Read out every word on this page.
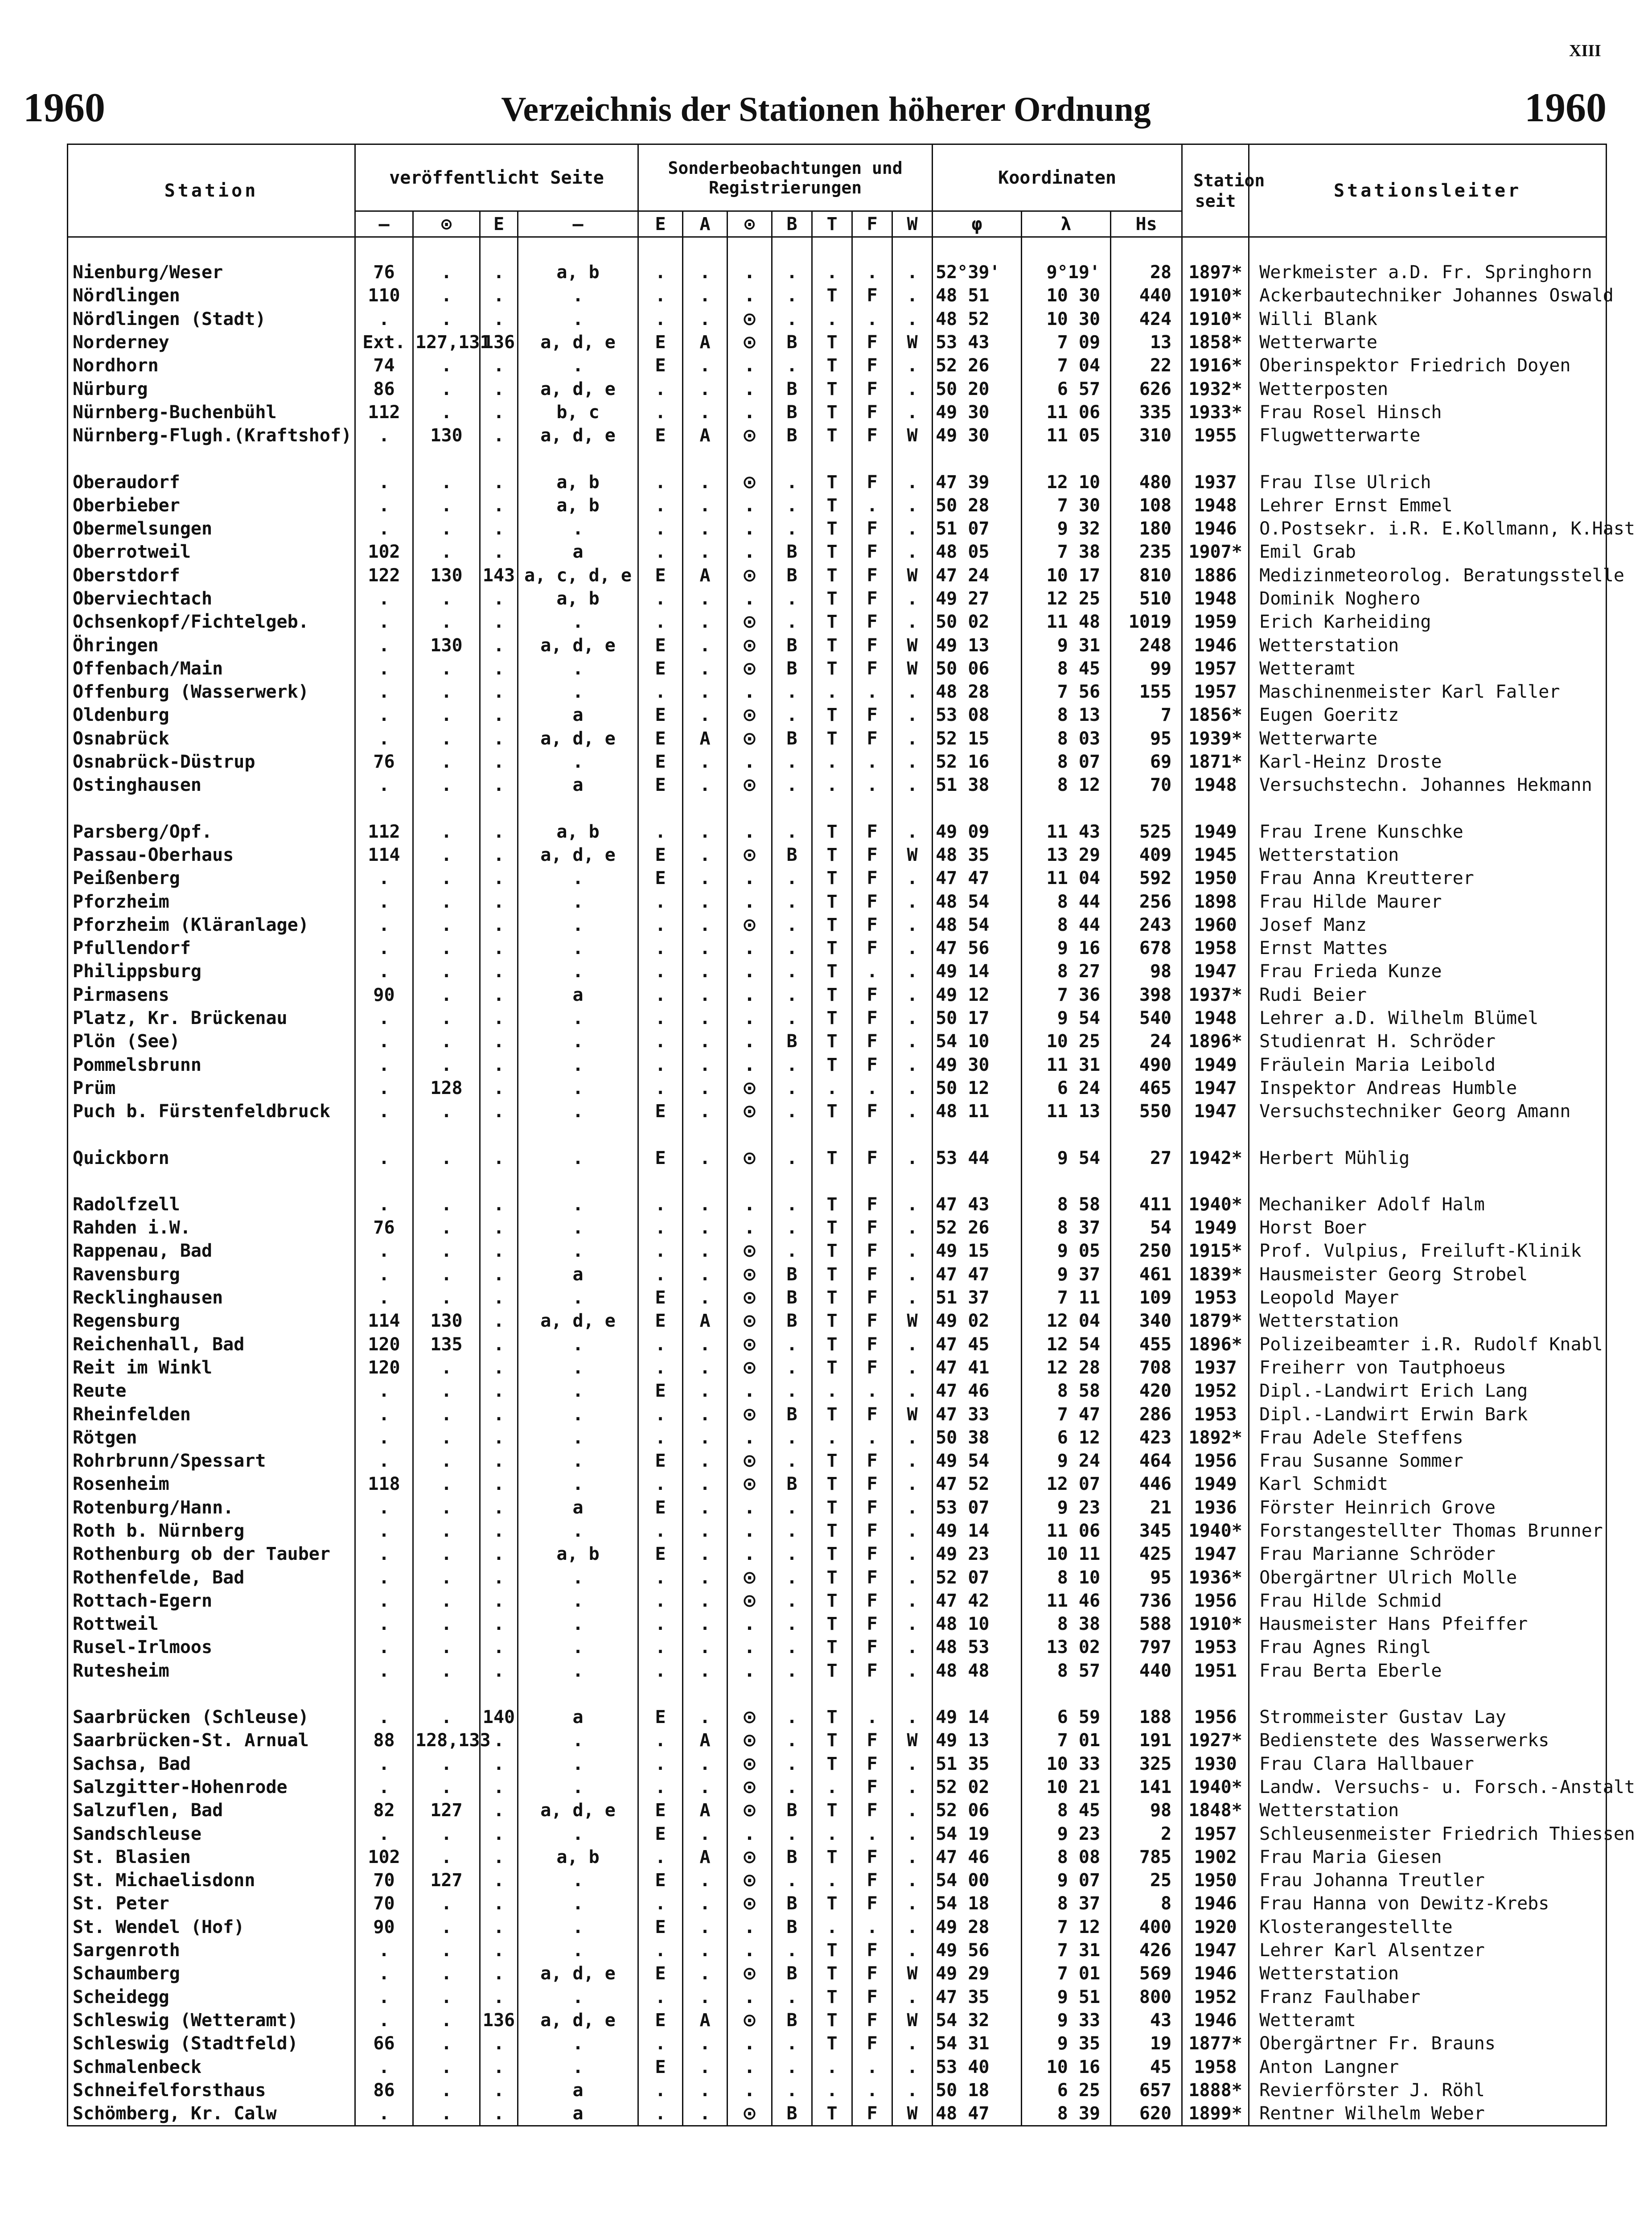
XIII
1960	Verzeichnis der Stationen höherer Ordnung	1960
Station	veröffentlicht Seite				Sonderbeobachtungen und Registrierungen							Koordinaten			Station seit	Stationsleiter
	—	⊙	E	—	E	A	⊙	B	T	F	W	φ	λ	Hs		

Nienburg/Weser	76	.	.	a, b	.	.	.	.	.	.	.	52°39'	9°19'	28	1897*	Werkmeister a.D. Fr. Springhorn
Nördlingen	110	.	.	.	.	.	.	.	T	F	.	48 51	10 30	440	1910*	Ackerbautechniker Johannes Oswald
Nördlingen (Stadt)	.	.	.	.	.	.	⊙	.	.	.	.	48 52	10 30	424	1910*	Willi Blank
Norderney	Ext.	127,131	136	a, d, e	E	A	⊙	B	T	F	W	53 43	7 09	13	1858*	Wetterwarte
Nordhorn	74	.	.	.	E	.	.	.	T	F	.	52 26	7 04	22	1916*	Oberinspektor Friedrich Doyen
Nürburg	86	.	.	a, d, e	.	.	.	B	T	F	.	50 20	6 57	626	1932*	Wetterposten
Nürnberg-Buchenbühl	112	.	.	b, c	.	.	.	B	T	F	.	49 30	11 06	335	1933*	Frau Rosel Hinsch
Nürnberg-Flugh.(Kraftshof)	.	130	.	a, d, e	E	A	⊙	B	T	F	W	49 30	11 05	310	1955	Flugwetterwarte

Oberaudorf	.	.	.	a, b	.	.	⊙	.	T	F	.	47 39	12 10	480	1937	Frau Ilse Ulrich
Oberbieber	.	.	.	a, b	.	.	.	.	T	.	.	50 28	7 30	108	1948	Lehrer Ernst Emmel
Obermelsungen	.	.	.	.	.	.	.	.	T	F	.	51 07	9 32	180	1946	O.Postsekr. i.R. E.Kollmann, K.Hast
Oberrotweil	102	.	.	a	.	.	.	B	T	F	.	48 05	7 38	235	1907*	Emil Grab
Oberstdorf	122	130	143	a, c, d, e	E	A	⊙	B	T	F	W	47 24	10 17	810	1886	Medizinmeteorolog. Beratungsstelle
Oberviechtach	.	.	.	a, b	.	.	.	.	T	F	.	49 27	12 25	510	1948	Dominik Noghero
Ochsenkopf/Fichtelgeb.	.	.	.	.	.	.	⊙	.	T	F	.	50 02	11 48	1019	1959	Erich Karheiding
Öhringen	.	130	.	a, d, e	E	.	⊙	B	T	F	W	49 13	9 31	248	1946	Wetterstation
Offenbach/Main	.	.	.	.	E	.	⊙	B	T	F	W	50 06	8 45	99	1957	Wetteramt
Offenburg (Wasserwerk)	.	.	.	.	.	.	.	.	.	.	.	48 28	7 56	155	1957	Maschinenmeister Karl Faller
Oldenburg	.	.	.	a	E	.	⊙	.	T	F	.	53 08	8 13	7	1856*	Eugen Goeritz
Osnabrück	.	.	.	a, d, e	E	A	⊙	B	T	F	.	52 15	8 03	95	1939*	Wetterwarte
Osnabrück-Düstrup	76	.	.	.	E	.	.	.	.	.	.	52 16	8 07	69	1871*	Karl-Heinz Droste
Ostinghausen	.	.	.	a	E	.	⊙	.	.	.	.	51 38	8 12	70	1948	Versuchstechn. Johannes Hekmann

Parsberg/Opf.	112	.	.	a, b	.	.	.	.	T	F	.	49 09	11 43	525	1949	Frau Irene Kunschke
Passau-Oberhaus	114	.	.	a, d, e	E	.	⊙	B	T	F	W	48 35	13 29	409	1945	Wetterstation
Peißenberg	.	.	.	.	E	.	.	.	T	F	.	47 47	11 04	592	1950	Frau Anna Kreutterer
Pforzheim	.	.	.	.	.	.	.	.	T	F	.	48 54	8 44	256	1898	Frau Hilde Maurer
Pforzheim (Kläranlage)	.	.	.	.	.	.	⊙	.	T	F	.	48 54	8 44	243	1960	Josef Manz
Pfullendorf	.	.	.	.	.	.	.	.	T	F	.	47 56	9 16	678	1958	Ernst Mattes
Philippsburg	.	.	.	.	.	.	.	.	T	.	.	49 14	8 27	98	1947	Frau Frieda Kunze
Pirmasens	90	.	.	a	.	.	.	.	T	F	.	49 12	7 36	398	1937*	Rudi Beier
Platz, Kr. Brückenau	.	.	.	.	.	.	.	.	T	F	.	50 17	9 54	540	1948	Lehrer a.D. Wilhelm Blümel
Plön (See)	.	.	.	.	.	.	.	B	T	F	.	54 10	10 25	24	1896*	Studienrat H. Schröder
Pommelsbrunn	.	.	.	.	.	.	.	.	T	F	.	49 30	11 31	490	1949	Fräulein Maria Leibold
Prüm	.	128	.	.	.	.	⊙	.	.	.	.	50 12	6 24	465	1947	Inspektor Andreas Humble
Puch b. Fürstenfeldbruck	.	.	.	.	E	.	⊙	.	T	F	.	48 11	11 13	550	1947	Versuchstechniker Georg Amann

Quickborn	.	.	.	.	E	.	⊙	.	T	F	.	53 44	9 54	27	1942*	Herbert Mühlig

Radolfzell	.	.	.	.	.	.	.	.	T	F	.	47 43	8 58	411	1940*	Mechaniker Adolf Halm
Rahden i.W.	76	.	.	.	.	.	.	.	T	F	.	52 26	8 37	54	1949	Horst Boer
Rappenau, Bad	.	.	.	.	.	.	⊙	.	T	F	.	49 15	9 05	250	1915*	Prof. Vulpius, Freiluft-Klinik
Ravensburg	.	.	.	a	.	.	⊙	B	T	F	.	47 47	9 37	461	1839*	Hausmeister Georg Strobel
Recklinghausen	.	.	.	.	E	.	⊙	B	T	F	.	51 37	7 11	109	1953	Leopold Mayer
Regensburg	114	130	.	a, d, e	E	A	⊙	B	T	F	W	49 02	12 04	340	1879*	Wetterstation
Reichenhall, Bad	120	135	.	.	.	.	⊙	.	T	F	.	47 45	12 54	455	1896*	Polizeibeamter i.R. Rudolf Knabl
Reit im Winkl	120	.	.	.	.	.	⊙	.	T	F	.	47 41	12 28	708	1937	Freiherr von Tautphoeus
Reute	.	.	.	.	E	.	.	.	.	.	.	47 46	8 58	420	1952	Dipl.-Landwirt Erich Lang
Rheinfelden	.	.	.	.	.	.	⊙	B	T	F	W	47 33	7 47	286	1953	Dipl.-Landwirt Erwin Bark
Rötgen	.	.	.	.	.	.	.	.	.	.	.	50 38	6 12	423	1892*	Frau Adele Steffens
Rohrbrunn/Spessart	.	.	.	.	E	.	⊙	.	T	F	.	49 54	9 24	464	1956	Frau Susanne Sommer
Rosenheim	118	.	.	.	.	.	⊙	B	T	F	.	47 52	12 07	446	1949	Karl Schmidt
Rotenburg/Hann.	.	.	.	a	E	.	.	.	T	F	.	53 07	9 23	21	1936	Förster Heinrich Grove
Roth b. Nürnberg	.	.	.	.	.	.	.	.	T	F	.	49 14	11 06	345	1940*	Forstangestellter Thomas Brunner
Rothenburg ob der Tauber	.	.	.	a, b	E	.	.	.	T	F	.	49 23	10 11	425	1947	Frau Marianne Schröder
Rothenfelde, Bad	.	.	.	.	.	.	⊙	.	T	F	.	52 07	8 10	95	1936*	Obergärtner Ulrich Molle
Rottach-Egern	.	.	.	.	.	.	⊙	.	T	F	.	47 42	11 46	736	1956	Frau Hilde Schmid
Rottweil	.	.	.	.	.	.	.	.	T	F	.	48 10	8 38	588	1910*	Hausmeister Hans Pfeiffer
Rusel-Irlmoos	.	.	.	.	.	.	.	.	T	F	.	48 53	13 02	797	1953	Frau Agnes Ringl
Rutesheim	.	.	.	.	.	.	.	.	T	F	.	48 48	8 57	440	1951	Frau Berta Eberle

Saarbrücken (Schleuse)	.	.	140	a	E	.	⊙	.	T	.	.	49 14	6 59	188	1956	Strommeister Gustav Lay
Saarbrücken-St. Arnual	88	128,133	.	.	.	A	⊙	.	T	F	W	49 13	7 01	191	1927*	Bedienstete des Wasserwerks
Sachsa, Bad	.	.	.	.	.	.	⊙	.	T	F	.	51 35	10 33	325	1930	Frau Clara Hallbauer
Salzgitter-Hohenrode	.	.	.	.	.	.	⊙	.	.	F	.	52 02	10 21	141	1940*	Landw. Versuchs- u. Forsch.-Anstalt
Salzuflen, Bad	82	127	.	a, d, e	E	A	⊙	B	T	F	.	52 06	8 45	98	1848*	Wetterstation
Sandschleuse	.	.	.	.	E	.	.	.	.	.	.	54 19	9 23	2	1957	Schleusenmeister Friedrich Thiessen
St. Blasien	102	.	.	a, b	.	A	⊙	B	T	F	.	47 46	8 08	785	1902	Frau Maria Giesen
St. Michaelisdonn	70	127	.	.	E	.	⊙	.	.	F	.	54 00	9 07	25	1950	Frau Johanna Treutler
St. Peter	70	.	.	.	.	.	⊙	B	T	F	.	54 18	8 37	8	1946	Frau Hanna von Dewitz-Krebs
St. Wendel (Hof)	90	.	.	.	E	.	.	B	.	.	.	49 28	7 12	400	1920	Klosterangestellte
Sargenroth	.	.	.	.	.	.	.	.	T	F	.	49 56	7 31	426	1947	Lehrer Karl Alsentzer
Schaumberg	.	.	.	a, d, e	E	.	⊙	B	T	F	W	49 29	7 01	569	1946	Wetterstation
Scheidegg	.	.	.	.	.	.	.	.	T	F	.	47 35	9 51	800	1952	Franz Faulhaber
Schleswig (Wetteramt)	.	.	136	a, d, e	E	A	⊙	B	T	F	W	54 32	9 33	43	1946	Wetteramt
Schleswig (Stadtfeld)	66	.	.	.	.	.	.	.	T	F	.	54 31	9 35	19	1877*	Obergärtner Fr. Brauns
Schmalenbeck	.	.	.	.	E	.	.	.	.	.	.	53 40	10 16	45	1958	Anton Langner
Schneifelforsthaus	86	.	.	a	.	.	.	.	.	.	.	50 18	6 25	657	1888*	Revierförster J. Röhl
Schömberg, Kr. Calw	.	.	.	a	.	.	⊙	B	T	F	W	48 47	8 39	620	1899*	Rentner Wilhelm Weber
